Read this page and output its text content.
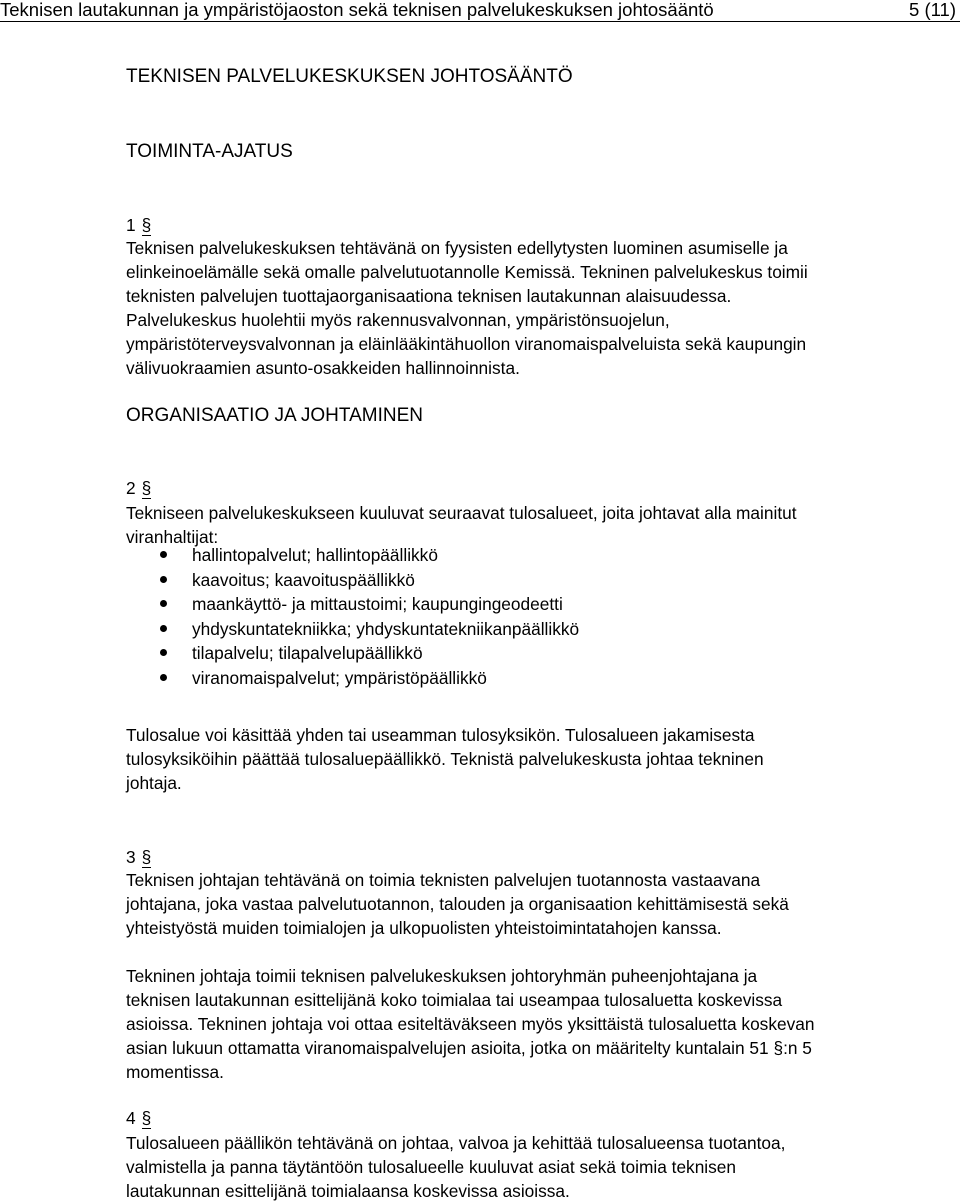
Teknisen lautakunnan ja ympäristöjaoston sekä teknisen palvelukeskuksen johtosääntö	5 (11)
TEKNISEN PALVELUKESKUKSEN JOHTOSÄÄNTÖ
TOIMINTA-AJATUS
1 §
Teknisen palvelukeskuksen tehtävänä on fyysisten edellytysten luominen asumiselle ja
elinkeinoelämälle sekä omalle palvelutuotannolle Kemissä. Tekninen palvelukeskus toimii
teknisten palvelujen tuottajaorganisaationa teknisen lautakunnan alaisuudessa.
Palvelukeskus huolehtii myös rakennusvalvonnan, ympäristönsuojelun,
ympäristöterveysvalvonnan ja eläinlääkintähuollon viranomaispalveluista sekä kaupungin
välivuokraamien asunto-osakkeiden hallinnoinnista.
ORGANISAATIO JA JOHTAMINEN
2 §
Tekniseen palvelukeskukseen kuuluvat seuraavat tulosalueet, joita johtavat alla mainitut
viranhaltijat:
hallintopalvelut; hallintopäällikkö
kaavoitus; kaavoituspäällikkö
maankäyttö- ja mittaustoimi; kaupungingeodeetti
yhdyskuntatekniikka; yhdyskuntatekniikanpäällikkö
tilapalvelu; tilapalvelupäällikkö
viranomaispalvelut; ympäristöpäällikkö
Tulosalue voi käsittää yhden tai useamman tulosyksikön. Tulosalueen jakamisesta
tulosyksiköihin päättää tulosaluepäällikkö. Teknistä palvelukeskusta johtaa tekninen
johtaja.
3 §
Teknisen johtajan tehtävänä on toimia teknisten palvelujen tuotannosta vastaavana
johtajana, joka vastaa palvelutuotannon, talouden ja organisaation kehittämisestä sekä
yhteistyöstä muiden toimialojen ja ulkopuolisten yhteistoimintatahojen kanssa.
Tekninen johtaja toimii teknisen palvelukeskuksen johtoryhmän puheenjohtajana ja
teknisen lautakunnan esittelijänä koko toimialaa tai useampaa tulosaluetta koskevissa
asioissa. Tekninen johtaja voi ottaa esiteltäväkseen myös yksittäistä tulosaluetta koskevan
asian lukuun ottamatta viranomaispalvelujen asioita, jotka on määritelty kuntalain 51 §:n 5
momentissa.
4 §
Tulosalueen päällikön tehtävänä on johtaa, valvoa ja kehittää tulosalueensa tuotantoa,
valmistella ja panna täytäntöön tulosalueelle kuuluvat asiat sekä toimia teknisen
lautakunnan esittelijänä toimialaansa koskevissa asioissa.
